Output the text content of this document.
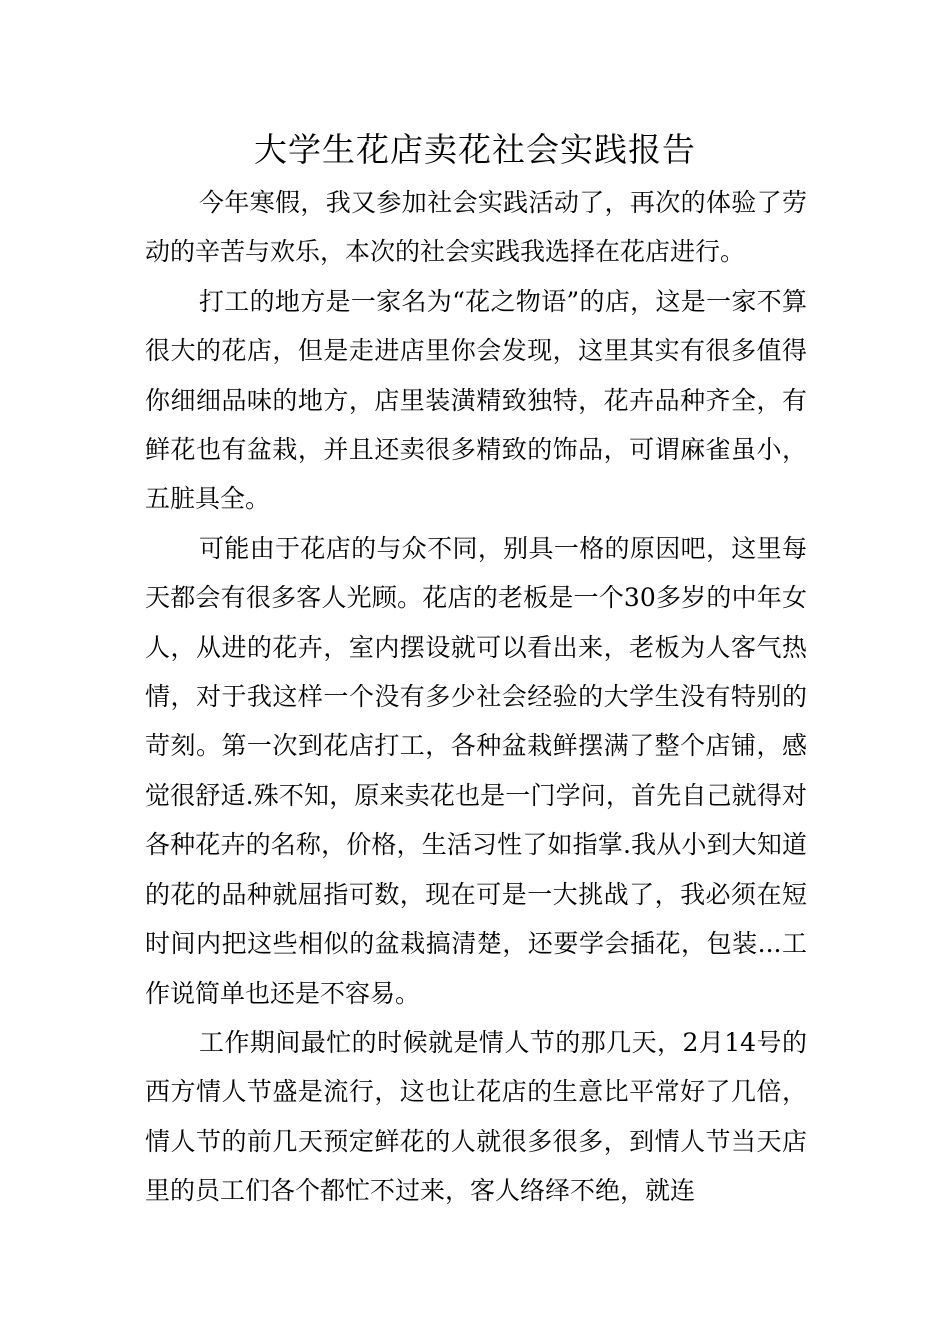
大学生花店卖花社会实践报告

今年寒假，我又参加社会实践活动了，再次的体验了劳动的辛苦与欢乐，本次的社会实践我选择在花店进行。

打工的地方是一家名为“花之物语”的店，这是一家不算很大的花店，但是走进店里你会发现，这里其实有很多值得你细细品味的地方，店里装潢精致独特，花卉品种齐全，有鲜花也有盆栽，并且还卖很多精致的饰品，可谓麻雀虽小，五脏具全。

可能由于花店的与众不同，别具一格的原因吧，这里每天都会有很多客人光顾。花店的老板是一个30多岁的中年女人，从进的花卉，室内摆设就可以看出来，老板为人客气热情，对于我这样一个没有多少社会经验的大学生没有特别的苛刻。第一次到花店打工，各种盆栽鲜摆满了整个店铺，感觉很舒适.殊不知，原来卖花也是一门学问，首先自己就得对各种花卉的名称，价格，生活习性了如指掌.我从小到大知道的花的品种就屈指可数，现在可是一大挑战了，我必须在短时间内把这些相似的盆栽搞清楚，还要学会插花，包装...工作说简单也还是不容易。

工作期间最忙的时候就是情人节的那几天，2月14号的西方情人节盛是流行，这也让花店的生意比平常好了几倍，情人节的前几天预定鲜花的人就很多很多，到情人节当天店里的员工们各个都忙不过来，客人络绎不绝，就连
